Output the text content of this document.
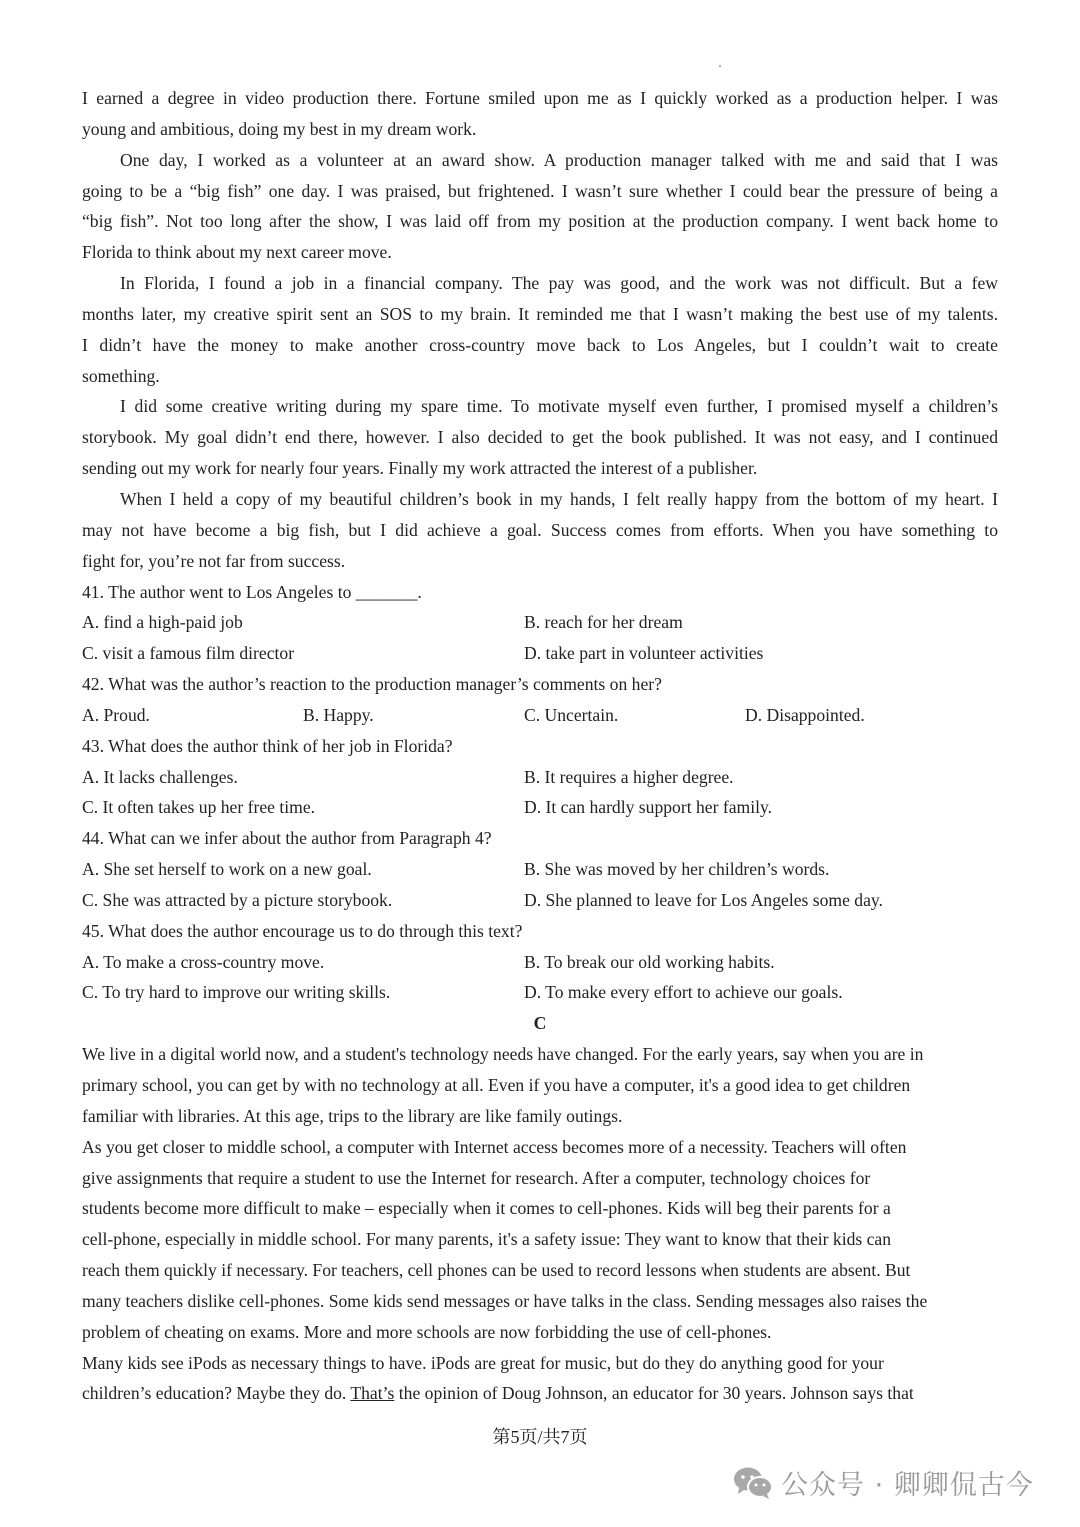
I earned a degree in video production there. Fortune smiled upon me as I quickly worked as a production helper. I was
young and ambitious, doing my best in my dream work.
One day, I worked as a volunteer at an award show. A production manager talked with me and said that I was
going to be a “big fish” one day. I was praised, but frightened. I wasn’t sure whether I could bear the pressure of being a
“big fish”. Not too long after the show, I was laid off from my position at the production company. I went back home to
Florida to think about my next career move.
In Florida, I found a job in a financial company. The pay was good, and the work was not difficult. But a few
months later, my creative spirit sent an SOS to my brain. It reminded me that I wasn’t making the best use of my talents.
I didn’t have the money to make another cross-country move back to Los Angeles, but I couldn’t wait to create
something.
I did some creative writing during my spare time. To motivate myself even further, I promised myself a children’s
storybook. My goal didn’t end there, however. I also decided to get the book published. It was not easy, and I continued
sending out my work for nearly four years. Finally my work attracted the interest of a publisher.
When I held a copy of my beautiful children’s book in my hands, I felt really happy from the bottom of my heart. I
may not have become a big fish, but I did achieve a goal. Success comes from efforts. When you have something to
fight for, you’re not far from success.
41. The author went to Los Angeles to _______.
A. find a high-paid job	B. reach for her dream
C. visit a famous film director	D. take part in volunteer activities
42. What was the author’s reaction to the production manager’s comments on her?
A. Proud.	B. Happy.	C. Uncertain.	D. Disappointed.
43. What does the author think of her job in Florida?
A. It lacks challenges.	B. It requires a higher degree.
C. It often takes up her free time.	D. It can hardly support her family.
44. What can we infer about the author from Paragraph 4?
A. She set herself to work on a new goal.	B. She was moved by her children’s words.
C. She was attracted by a picture storybook.	D. She planned to leave for Los Angeles some day.
45. What does the author encourage us to do through this text?
A. To make a cross-country move.	B. To break our old working habits.
C. To try hard to improve our writing skills.	D. To make every effort to achieve our goals.
C
We live in a digital world now, and a student's technology needs have changed. For the early years, say when you are in
primary school, you can get by with no technology at all. Even if you have a computer, it's a good idea to get children
familiar with libraries. At this age, trips to the library are like family outings.
As you get closer to middle school, a computer with Internet access becomes more of a necessity. Teachers will often
give assignments that require a student to use the Internet for research. After a computer, technology choices for
students become more difficult to make – especially when it comes to cell-phones. Kids will beg their parents for a
cell-phone, especially in middle school. For many parents, it's a safety issue: They want to know that their kids can
reach them quickly if necessary. For teachers, cell phones can be used to record lessons when students are absent. But
many teachers dislike cell-phones. Some kids send messages or have talks in the class. Sending messages also raises the
problem of cheating on exams. More and more schools are now forbidding the use of cell-phones.
Many kids see iPods as necessary things to have. iPods are great for music, but do they do anything good for your
children’s education? Maybe they do. That’s the opinion of Doug Johnson, an educator for 30 years. Johnson says that
第5页/共7页
公众号 · 卿卿侃古今
